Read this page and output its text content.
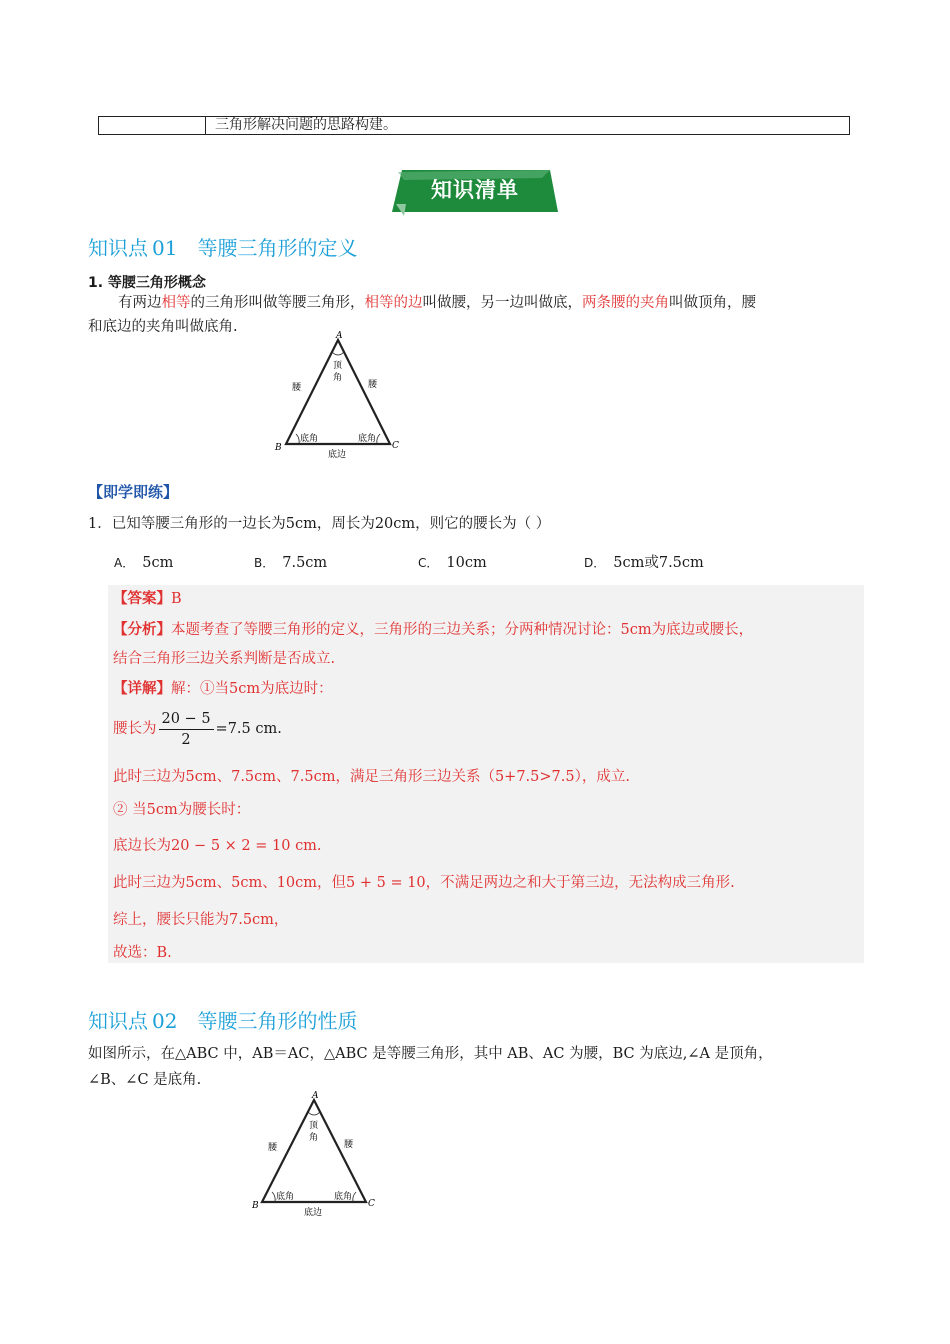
三角形解决问题的思路构建。
知识清单
知识点 01 等腰三角形的定义
1. 等腰三角形概念
有两边相等的三角形叫做等腰三角形，相等的边叫做腰，另一边叫做底，两条腰的夹角叫做顶角，腰
和底边的夹角叫做底角.
A
B	C
顶
角
腰	腰
底角	底角
底边
【即学即练】
1．已知等腰三角形的一边长为5cm，周长为20cm，则它的腰长为（ ）
A． 5cm	B． 7.5cm	C． 10cm	D． 5cm或7.5cm
【答案】B
【分析】本题考查了等腰三角形的定义，三角形的三边关系；分两种情况讨论：5cm为底边或腰长，
结合三角形三边关系判断是否成立.
【详解】解：①当5cm为底边时：
腰长为 $\frac{20 - 5}{2} =7.5$ cm.
此时三边为5cm、7.5cm、7.5cm，满足三角形三边关系（5+7.5>7.5），成立.
② 当5cm为腰长时：
底边长为20 − 5 × 2 = 10 cm.
此时三边为5cm、5cm、10cm，但5 + 5 = 10，不满足两边之和大于第三边，无法构成三角形.
综上，腰长只能为7.5cm，
故选：B.
知识点 02 等腰三角形的性质
如图所示，在△ABC 中，AB＝AC，△ABC 是等腰三角形，其中 AB、AC 为腰，BC 为底边,∠A 是顶角，
∠B、∠C 是底角.
A
B	C
顶
角
腰	腰
底角	底角
底边
